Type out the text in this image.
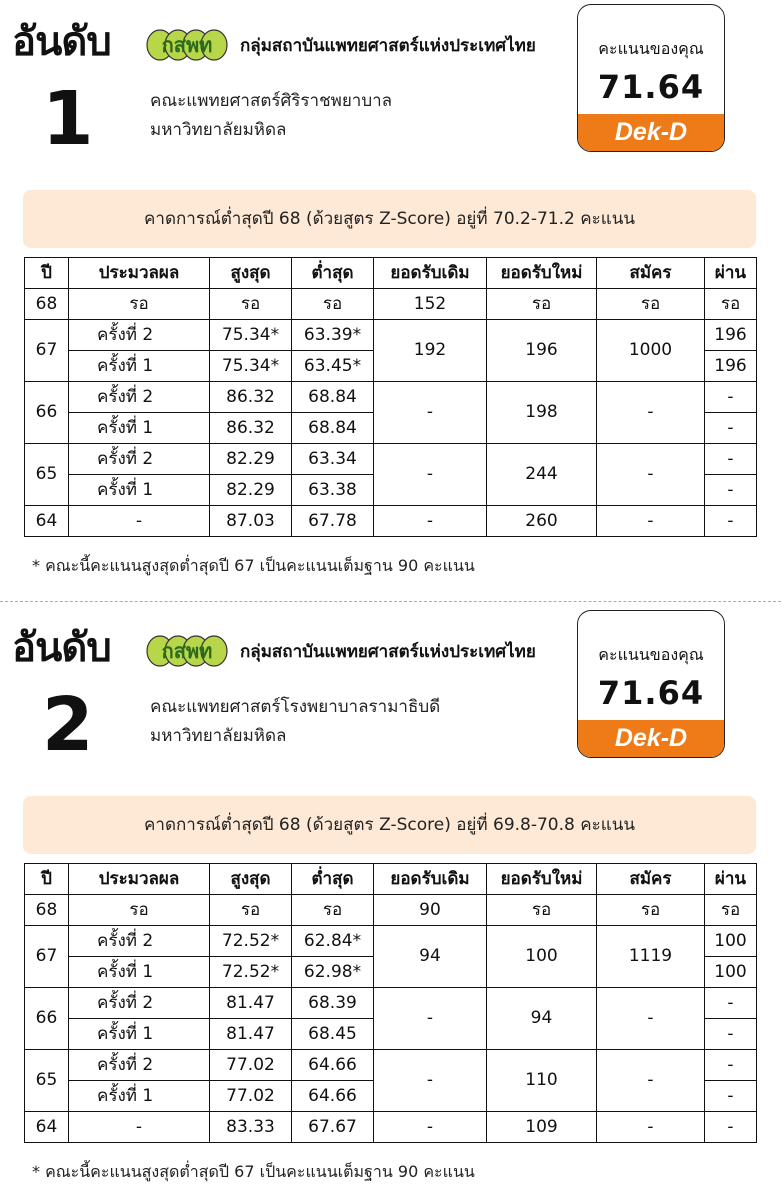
อันดับ
1
กสพท กลุ่มสถาบันแพทยศาสตร์แห่งประเทศไทย
คณะแพทยศาสตร์ศิริราชพยาบาล
มหาวิทยาลัยมหิดล
คะแนนของคุณ
71.64
Dek-D
คาดการณ์ต่ำสุดปี 68 (ด้วยสูตร Z-Score) อยู่ที่ 70.2-71.2 คะแนน
ปี	ประมวลผล	สูงสุด	ต่ำสุด	ยอดรับเดิม	ยอดรับใหม่	สมัคร	ผ่าน
68	รอ	รอ	รอ	152	รอ	รอ	รอ
67	ครั้งที่ 2	75.34*	63.39*	192	196	1000	196
	ครั้งที่ 1	75.34*	63.45*				196
66	ครั้งที่ 2	86.32	68.84	-	198	-	-
	ครั้งที่ 1	86.32	68.84				-
65	ครั้งที่ 2	82.29	63.34	-	244	-	-
	ครั้งที่ 1	82.29	63.38				-
64	-	87.03	67.78	-	260	-	-
* คณะนี้คะแนนสูงสุดต่ำสุดปี 67 เป็นคะแนนเต็มฐาน 90 คะแนน
อันดับ
2
กสพท กลุ่มสถาบันแพทยศาสตร์แห่งประเทศไทย
คณะแพทยศาสตร์โรงพยาบาลรามาธิบดี
มหาวิทยาลัยมหิดล
คะแนนของคุณ
71.64
Dek-D
คาดการณ์ต่ำสุดปี 68 (ด้วยสูตร Z-Score) อยู่ที่ 69.8-70.8 คะแนน
ปี	ประมวลผล	สูงสุด	ต่ำสุด	ยอดรับเดิม	ยอดรับใหม่	สมัคร	ผ่าน
68	รอ	รอ	รอ	90	รอ	รอ	รอ
67	ครั้งที่ 2	72.52*	62.84*	94	100	1119	100
	ครั้งที่ 1	72.52*	62.98*				100
66	ครั้งที่ 2	81.47	68.39	-	94	-	-
	ครั้งที่ 1	81.47	68.45				-
65	ครั้งที่ 2	77.02	64.66	-	110	-	-
	ครั้งที่ 1	77.02	64.66				-
64	-	83.33	67.67	-	109	-	-
* คณะนี้คะแนนสูงสุดต่ำสุดปี 67 เป็นคะแนนเต็มฐาน 90 คะแนน
